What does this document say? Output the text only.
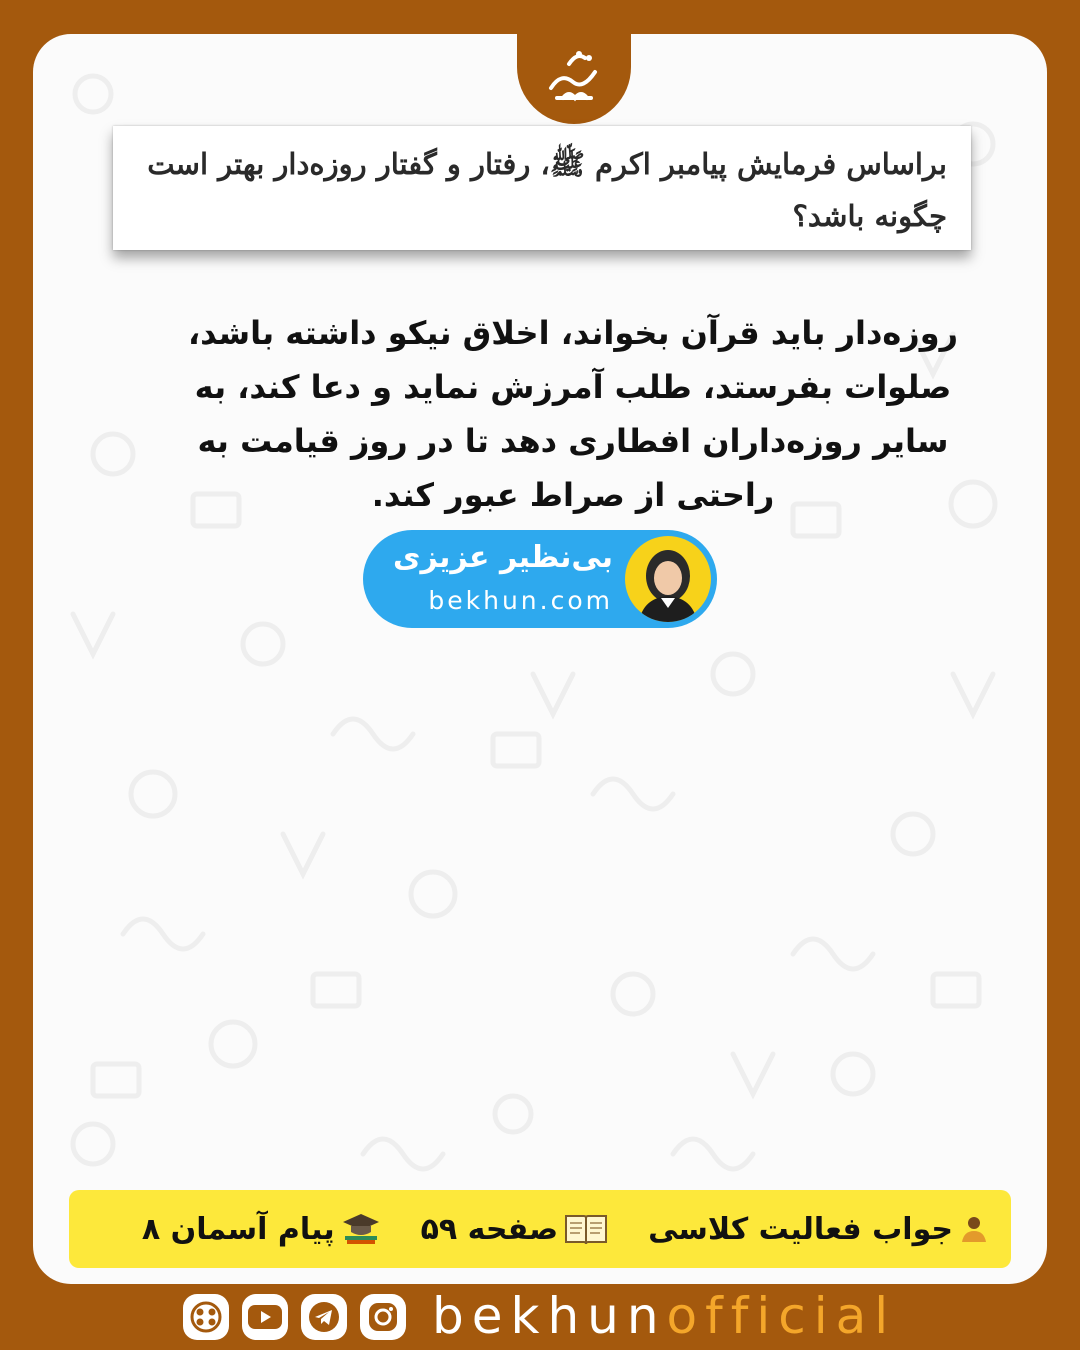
براساس فرمایش پیامبر اکرم ﷺ، رفتار و گفتار روزه‌دار بهتر است
چگونه باشد؟
روزه‌دار باید قرآن بخواند، اخلاق نیکو داشته باشد،
صلوات بفرستد، طلب آمرزش نماید و دعا کند، به
سایر روزه‌داران افطاری دهد تا در روز قیامت به
راحتی از صراط عبور کند.
بی‌نظیر عزیزی
bekhun.com
جواب فعالیت کلاسی
صفحه ۵۹
پیام آسمان ۸
bekhunofficial
